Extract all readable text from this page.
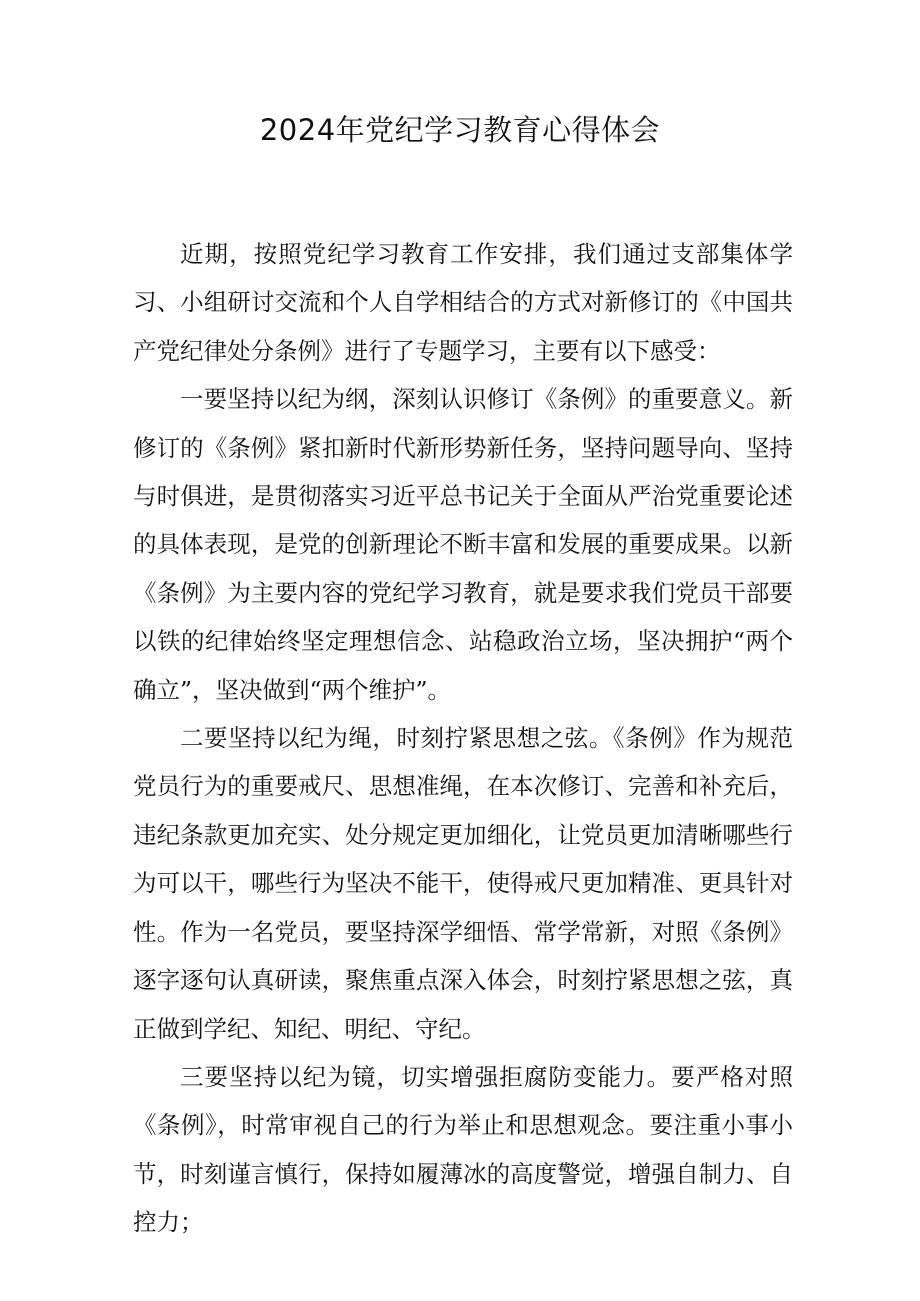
2024年党纪学习教育心得体会

近期，按照党纪学习教育工作安排，我们通过支部集体学习、小组研讨交流和个人自学相结合的方式对新修订的《中国共产党纪律处分条例》进行了专题学习，主要有以下感受：

一要坚持以纪为纲，深刻认识修订《条例》的重要意义。新修订的《条例》紧扣新时代新形势新任务，坚持问题导向、坚持与时俱进，是贯彻落实习近平总书记关于全面从严治党重要论述的具体表现，是党的创新理论不断丰富和发展的重要成果。以新《条例》为主要内容的党纪学习教育，就是要求我们党员干部要以铁的纪律始终坚定理想信念、站稳政治立场，坚决拥护“两个确立”，坚决做到“两个维护”。

二要坚持以纪为绳，时刻拧紧思想之弦。《条例》作为规范党员行为的重要戒尺、思想准绳，在本次修订、完善和补充后，违纪条款更加充实、处分规定更加细化，让党员更加清晰哪些行为可以干，哪些行为坚决不能干，使得戒尺更加精准、更具针对性。作为一名党员，要坚持深学细悟、常学常新，对照《条例》逐字逐句认真研读，聚焦重点深入体会，时刻拧紧思想之弦，真正做到学纪、知纪、明纪、守纪。

三要坚持以纪为镜，切实增强拒腐防变能力。要严格对照《条例》，时常审视自己的行为举止和思想观念。要注重小事小节，时刻谨言慎行，保持如履薄冰的高度警觉，增强自制力、自控力；
